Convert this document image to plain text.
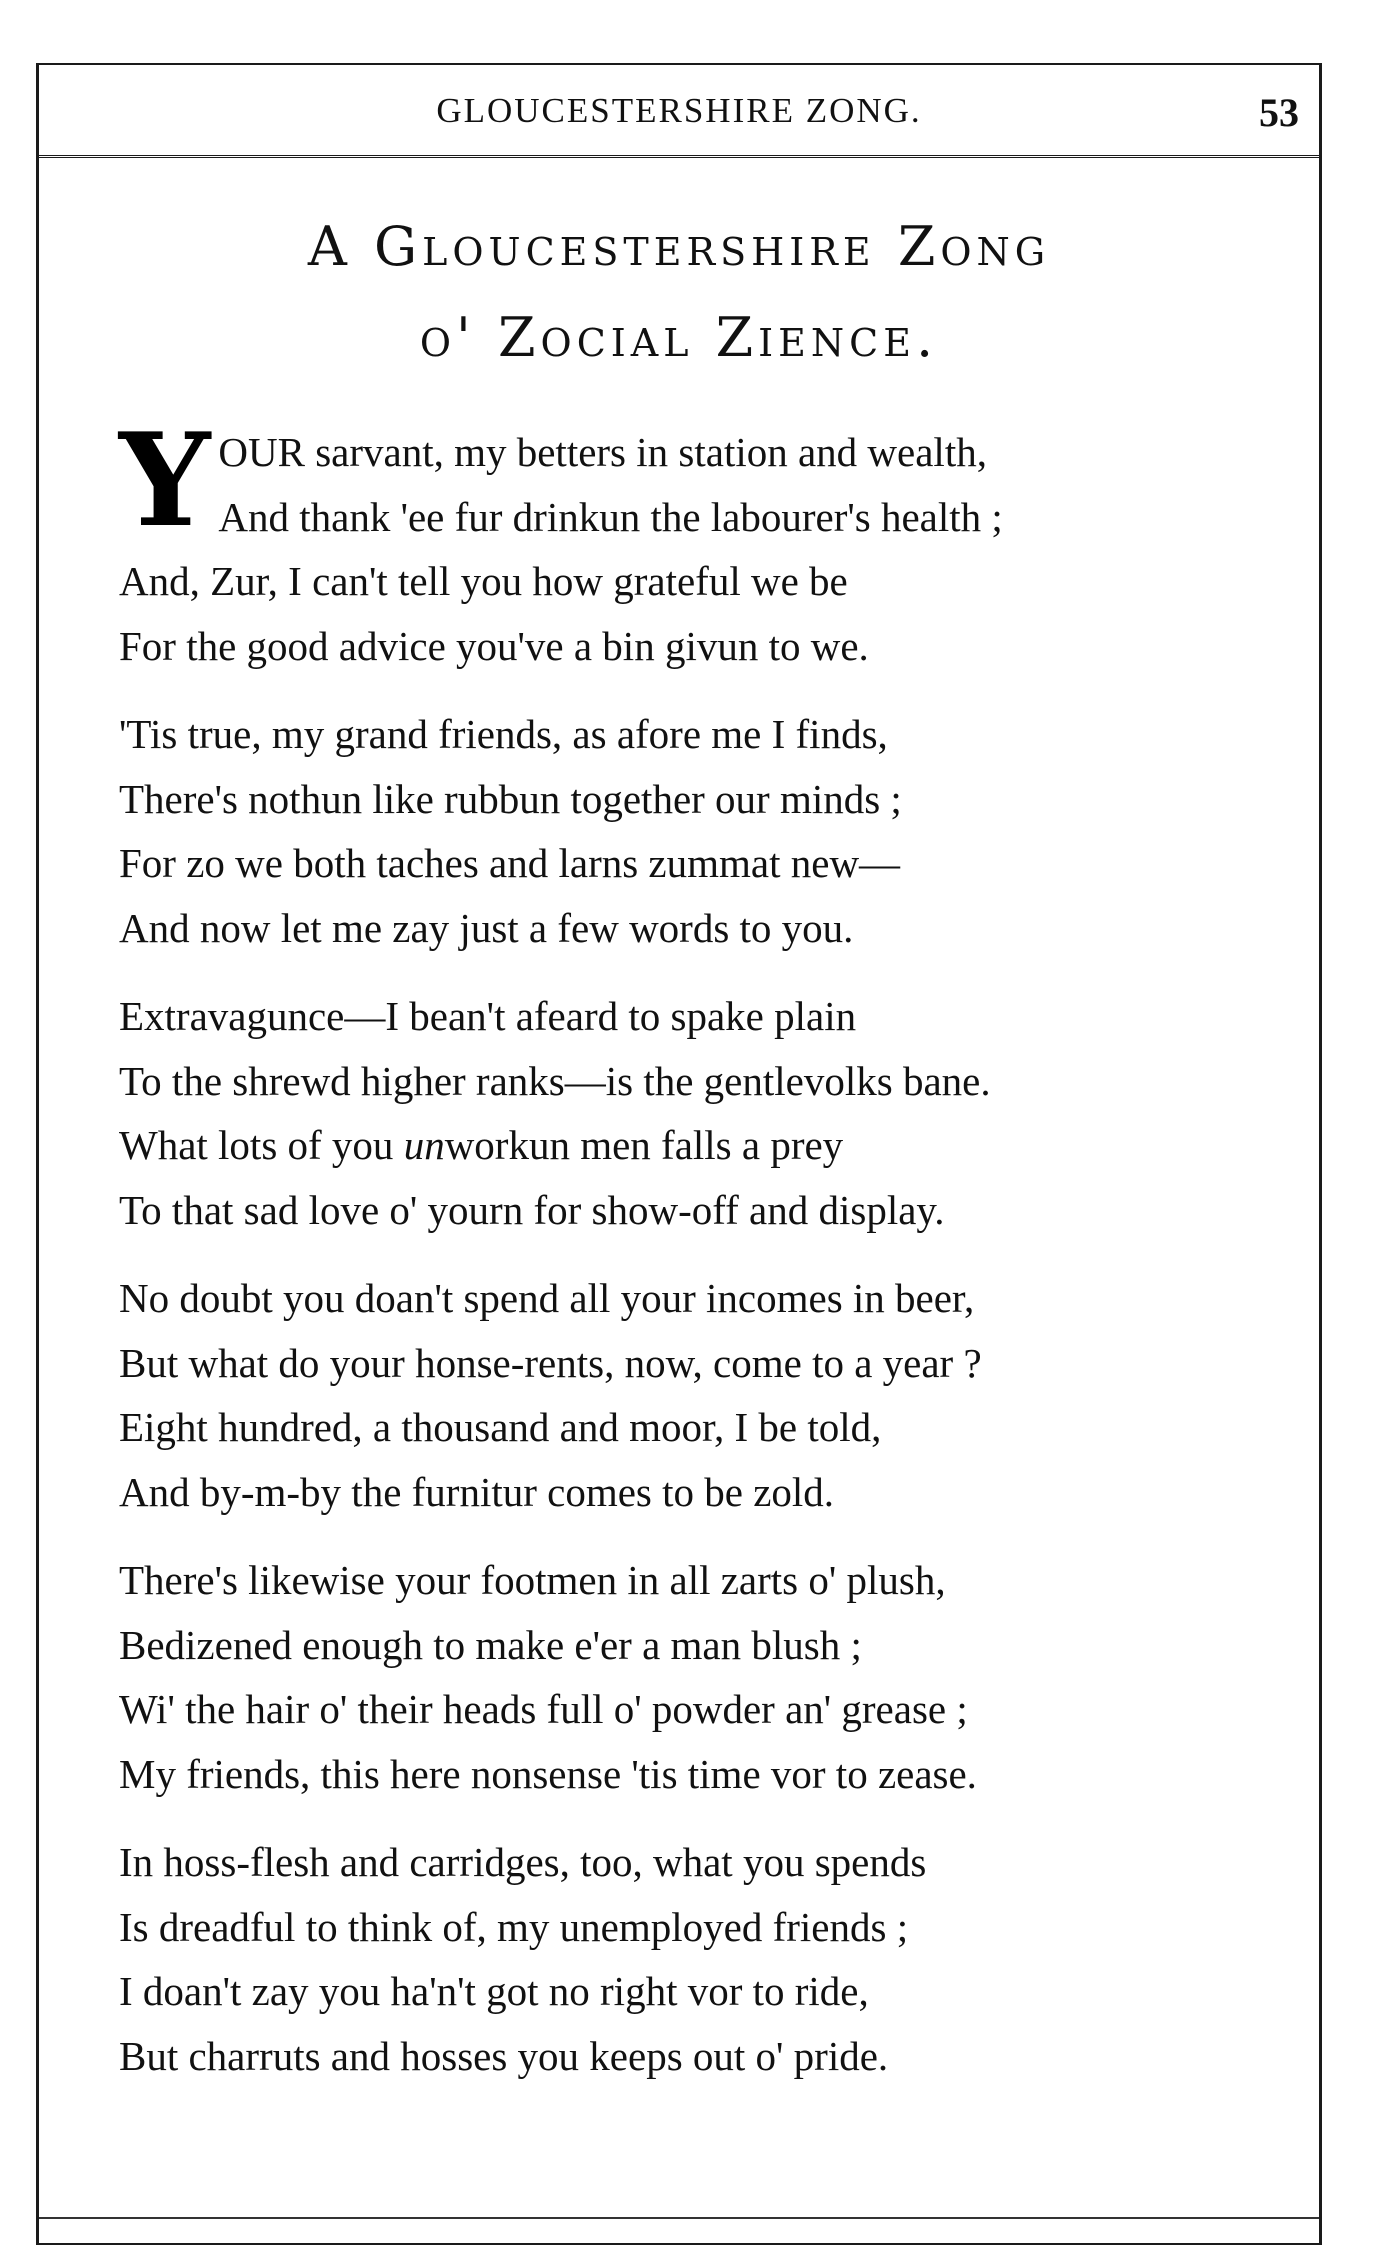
GLOUCESTERSHIRE ZONG.	53
A Gloucestershire Zong
o' Zocial Zience.
Y OUR sarvant, my betters in station and wealth,
And thank 'ee fur drinkun the labourer's health ;
And, Zur, I can't tell you how grateful we be
For the good advice you've a bin givun to we.
'Tis true, my grand friends, as afore me I finds,
There's nothun like rubbun together our minds ;
For zo we both taches and larns zummat new—
And now let me zay just a few words to you.
Extravagunce—I bean't afeard to spake plain
To the shrewd higher ranks—is the gentlevolks bane.
What lots of you unworkun men falls a prey
To that sad love o' yourn for show-off and display.
No doubt you doan't spend all your incomes in beer,
But what do your honse-rents, now, come to a year ?
Eight hundred, a thousand and moor, I be told,
And by-m-by the furnitur comes to be zold.
There's likewise your footmen in all zarts o' plush,
Bedizened enough to make e'er a man blush ;
Wi' the hair o' their heads full o' powder an' grease ;
My friends, this here nonsense 'tis time vor to zease.
In hoss-flesh and carridges, too, what you spends
Is dreadful to think of, my unemployed friends ;
I doan't zay you ha'n't got no right vor to ride,
But charruts and hosses you keeps out o' pride.
